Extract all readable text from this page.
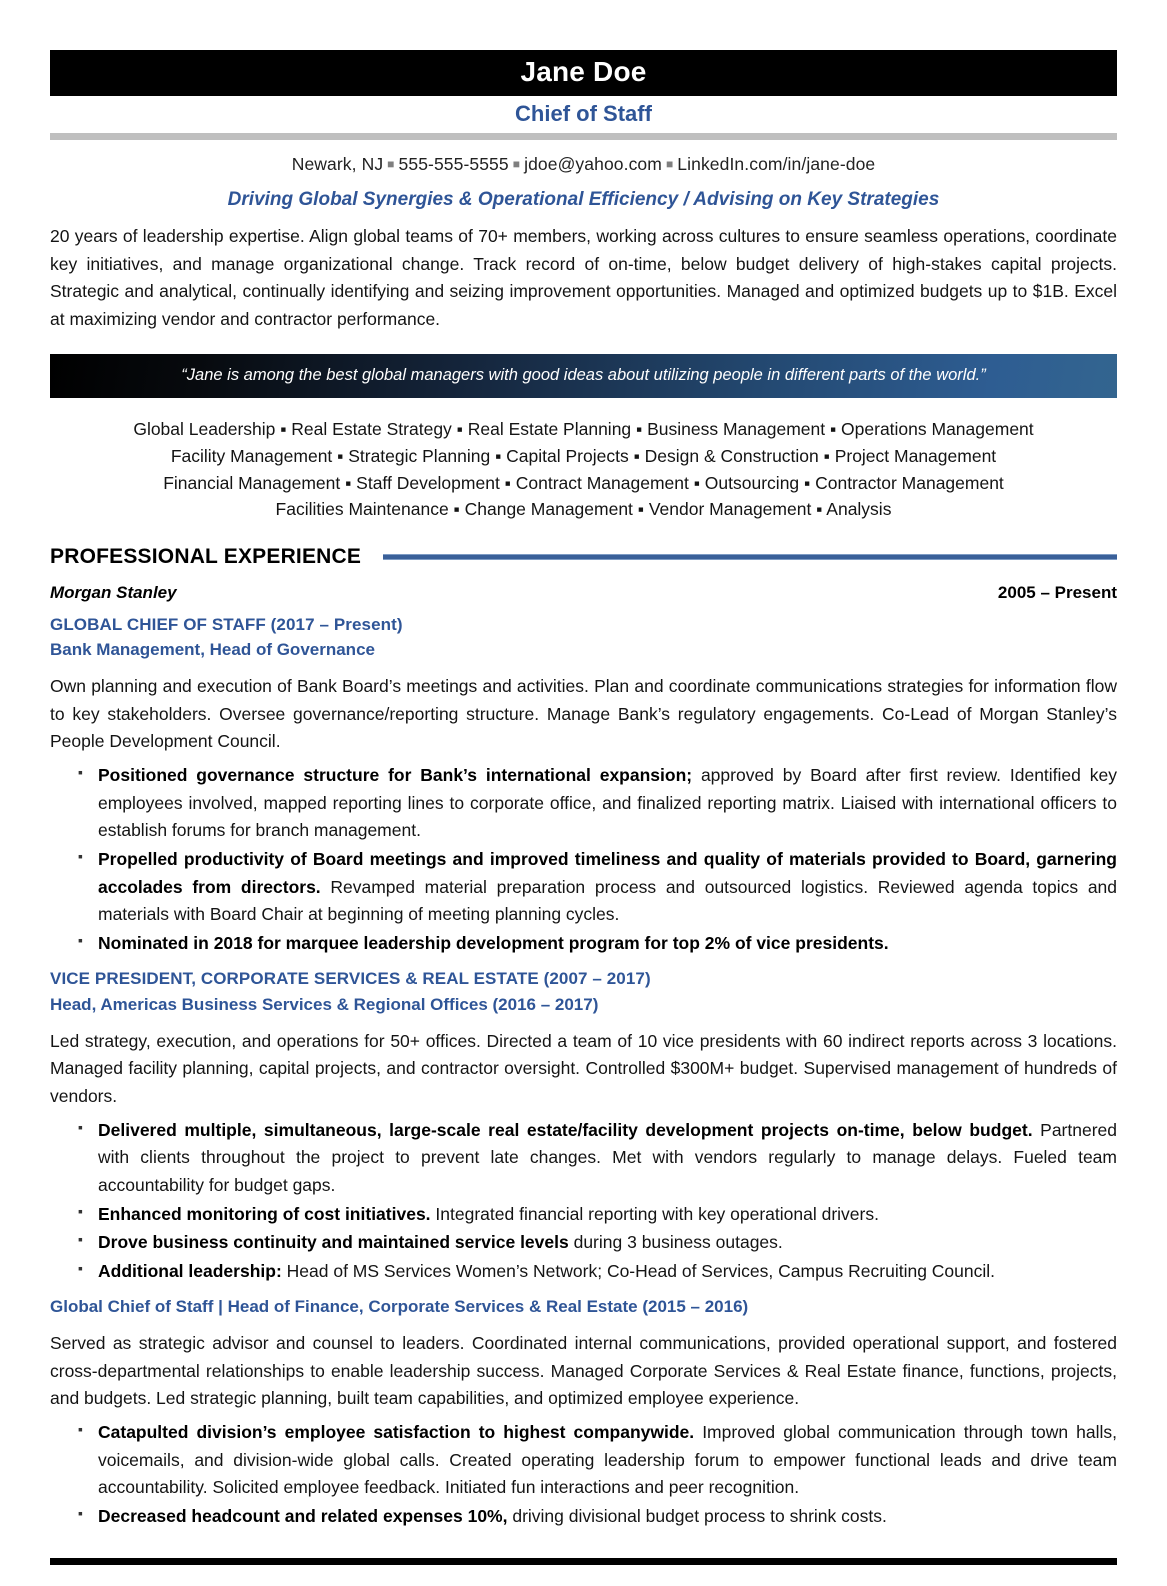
Jane Doe
Chief of Staff
Newark, NJ ■ 555-555-5555 ■ jdoe@yahoo.com ■ LinkedIn.com/in/jane-doe
Driving Global Synergies & Operational Efficiency / Advising on Key Strategies
20 years of leadership expertise. Align global teams of 70+ members, working across cultures to ensure seamless operations, coordinate key initiatives, and manage organizational change. Track record of on-time, below budget delivery of high-stakes capital projects. Strategic and analytical, continually identifying and seizing improvement opportunities. Managed and optimized budgets up to $1B. Excel at maximizing vendor and contractor performance.
“Jane is among the best global managers with good ideas about utilizing people in different parts of the world.”
Global Leadership ▪ Real Estate Strategy ▪ Real Estate Planning ▪ Business Management ▪ Operations Management
Facility Management ▪ Strategic Planning ▪ Capital Projects ▪ Design & Construction ▪ Project Management
Financial Management ▪ Staff Development ▪ Contract Management ▪ Outsourcing ▪ Contractor Management
Facilities Maintenance ▪ Change Management ▪ Vendor Management ▪ Analysis
PROFESSIONAL EXPERIENCE
Morgan Stanley	2005 – Present
GLOBAL CHIEF OF STAFF (2017 – Present)
Bank Management, Head of Governance
Own planning and execution of Bank Board’s meetings and activities. Plan and coordinate communications strategies for information flow to key stakeholders. Oversee governance/reporting structure. Manage Bank’s regulatory engagements. Co-Lead of Morgan Stanley’s People Development Council.
▪ Positioned governance structure for Bank’s international expansion; approved by Board after first review. Identified key employees involved, mapped reporting lines to corporate office, and finalized reporting matrix. Liaised with international officers to establish forums for branch management.
▪ Propelled productivity of Board meetings and improved timeliness and quality of materials provided to Board, garnering accolades from directors. Revamped material preparation process and outsourced logistics. Reviewed agenda topics and materials with Board Chair at beginning of meeting planning cycles.
▪ Nominated in 2018 for marquee leadership development program for top 2% of vice presidents.
VICE PRESIDENT, CORPORATE SERVICES & REAL ESTATE (2007 – 2017)
Head, Americas Business Services & Regional Offices (2016 – 2017)
Led strategy, execution, and operations for 50+ offices. Directed a team of 10 vice presidents with 60 indirect reports across 3 locations. Managed facility planning, capital projects, and contractor oversight. Controlled $300M+ budget. Supervised management of hundreds of vendors.
▪ Delivered multiple, simultaneous, large-scale real estate/facility development projects on-time, below budget. Partnered with clients throughout the project to prevent late changes. Met with vendors regularly to manage delays. Fueled team accountability for budget gaps.
▪ Enhanced monitoring of cost initiatives. Integrated financial reporting with key operational drivers.
▪ Drove business continuity and maintained service levels during 3 business outages.
▪ Additional leadership: Head of MS Services Women’s Network; Co-Head of Services, Campus Recruiting Council.
Global Chief of Staff | Head of Finance, Corporate Services & Real Estate (2015 – 2016)
Served as strategic advisor and counsel to leaders. Coordinated internal communications, provided operational support, and fostered cross-departmental relationships to enable leadership success. Managed Corporate Services & Real Estate finance, functions, projects, and budgets. Led strategic planning, built team capabilities, and optimized employee experience.
▪ Catapulted division’s employee satisfaction to highest companywide. Improved global communication through town halls, voicemails, and division-wide global calls. Created operating leadership forum to empower functional leads and drive team accountability. Solicited employee feedback. Initiated fun interactions and peer recognition.
▪ Decreased headcount and related expenses 10%, driving divisional budget process to shrink costs.
